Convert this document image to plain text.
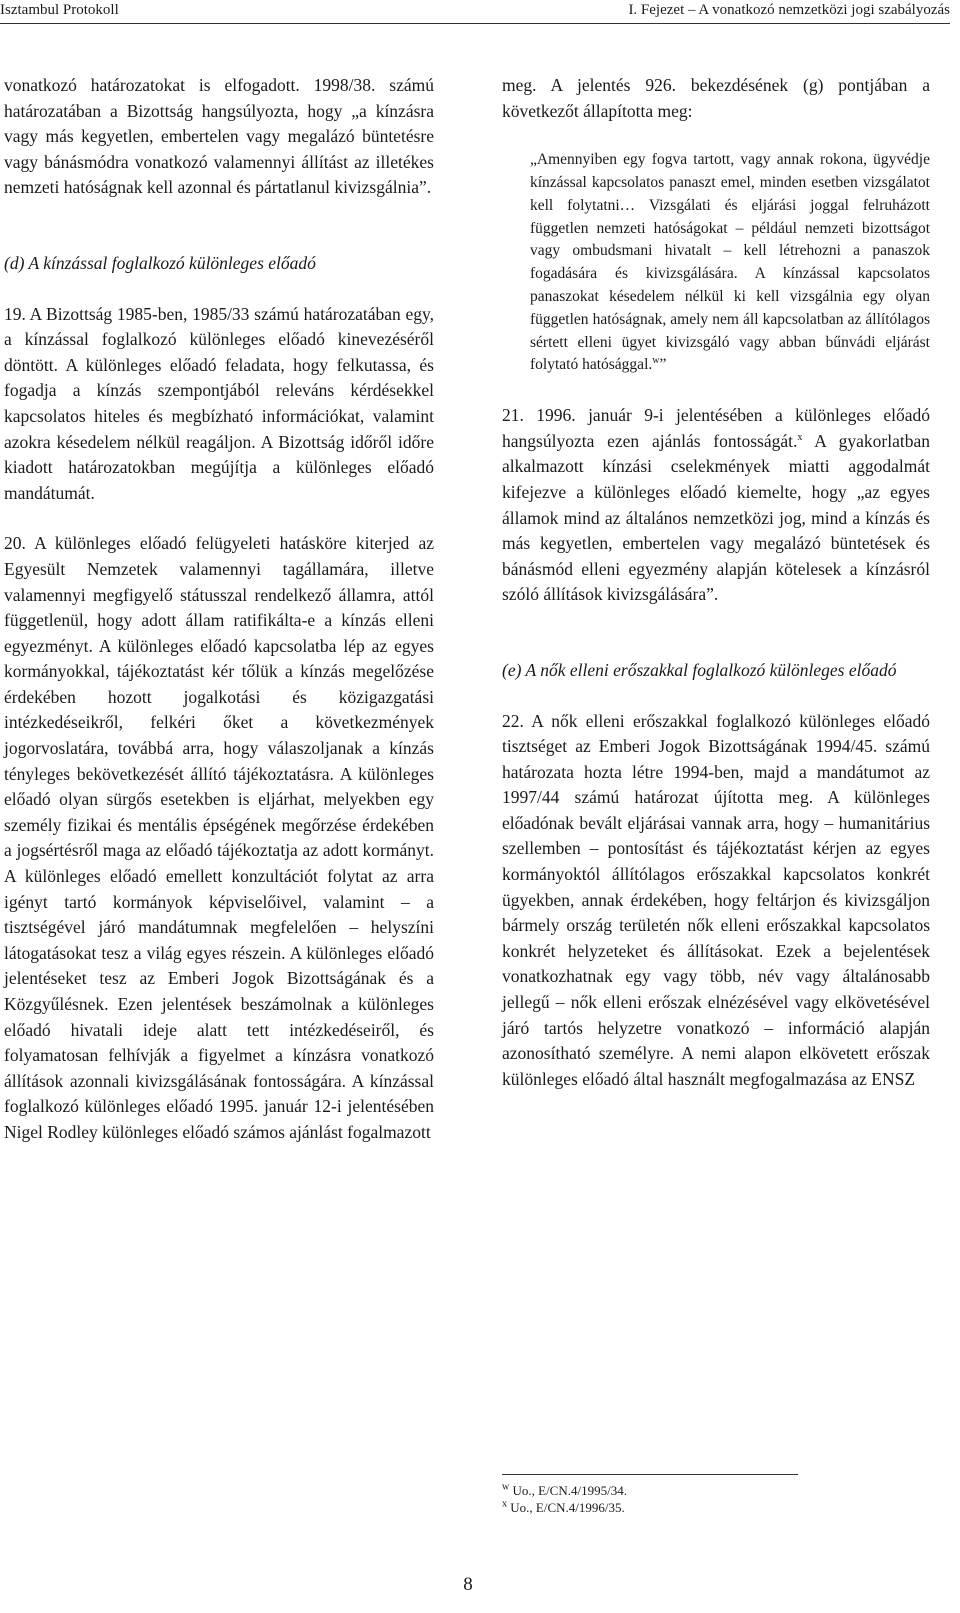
Isztambul Protokoll	I. Fejezet – A vonatkozó nemzetközi jogi szabályozás

vonatkozó határozatokat is elfogadott. 1998/38. számú határozatában a Bizottság hangsúlyozta, hogy „a kínzásra vagy más kegyetlen, embertelen vagy megalázó büntetésre vagy bánásmódra vonatkozó valamennyi állítást az illetékes nemzeti hatóságnak kell azonnal és pártatlanul kivizsgálnia”.

(d) A kínzással foglalkozó különleges előadó

19. A Bizottság 1985-ben, 1985/33 számú határozatában egy, a kínzással foglalkozó különleges előadó kinevezéséről döntött. A különleges előadó feladata, hogy felkutassa, és fogadja a kínzás szempontjából releváns kérdésekkel kapcsolatos hiteles és megbízható információkat, valamint azokra késedelem nélkül reagáljon. A Bizottság időről időre kiadott határozatokban megújítja a különleges előadó mandátumát.

20. A különleges előadó felügyeleti hatásköre kiterjed az Egyesült Nemzetek valamennyi tagállamára, illetve valamennyi megfigyelő státusszal rendelkező államra, attól függetlenül, hogy adott állam ratifikálta-e a kínzás elleni egyezményt. A különleges előadó kapcsolatba lép az egyes kormányokkal, tájékoztatást kér tőlük a kínzás megelőzése érdekében hozott jogalkotási és közigazgatási intézkedéseikről, felkéri őket a következmények jogorvoslatára, továbbá arra, hogy válaszoljanak a kínzás tényleges bekövetkezését állító tájékoztatásra. A különleges előadó olyan sürgős esetekben is eljárhat, melyekben egy személy fizikai és mentális épségének megőrzése érdekében a jogsértésről maga az előadó tájékoztatja az adott kormányt. A különleges előadó emellett konzultációt folytat az arra igényt tartó kormányok képviselőivel, valamint – a tisztségével járó mandátumnak megfelelően – helyszíni látogatásokat tesz a világ egyes részein. A különleges előadó jelentéseket tesz az Emberi Jogok Bizottságának és a Közgyűlésnek. Ezen jelentések beszámolnak a különleges előadó hivatali ideje alatt tett intézkedéseiről, és folyamatosan felhívják a figyelmet a kínzásra vonatkozó állítások azonnali kivizsgálásának fontosságára. A kínzással foglalkozó különleges előadó 1995. január 12-i jelentésében Nigel Rodley különleges előadó számos ajánlást fogalmazott

meg. A jelentés 926. bekezdésének (g) pontjában a következőt állapította meg:

„Amennyiben egy fogva tartott, vagy annak rokona, ügyvédje kínzással kapcsolatos panaszt emel, minden esetben vizsgálatot kell folytatni… Vizsgálati és eljárási joggal felruházott független nemzeti hatóságokat – például nemzeti bizottságot vagy ombudsmani hivatalt – kell létrehozni a panaszok fogadására és kivizsgálására. A kínzással kapcsolatos panaszokat késedelem nélkül ki kell vizsgálnia egy olyan független hatóságnak, amely nem áll kapcsolatban az állítólagos sértett elleni ügyet kivizsgáló vagy abban bűnvádi eljárást folytató hatósággal.$^w$”

21. 1996. január 9-i jelentésében a különleges előadó hangsúlyozta ezen ajánlás fontosságát.$^x$ A gyakorlatban alkalmazott kínzási cselekmények miatti aggodalmát kifejezve a különleges előadó kiemelte, hogy „az egyes államok mind az általános nemzetközi jog, mind a kínzás és más kegyetlen, embertelen vagy megalázó büntetések és bánásmód elleni egyezmény alapján kötelesek a kínzásról szóló állítások kivizsgálására”.

(e) A nők elleni erőszakkal foglalkozó különleges előadó

22. A nők elleni erőszakkal foglalkozó különleges előadó tisztséget az Emberi Jogok Bizottságának 1994/45. számú határozata hozta létre 1994-ben, majd a mandátumot az 1997/44 számú határozat újította meg. A különleges előadónak bevált eljárásai vannak arra, hogy – humanitárius szellemben – pontosítást és tájékoztatást kérjen az egyes kormányoktól állítólagos erőszakkal kapcsolatos konkrét ügyekben, annak érdekében, hogy feltárjon és kivizsgáljon bármely ország területén nők elleni erőszakkal kapcsolatos konkrét helyzeteket és állításokat. Ezek a bejelentések vonatkozhatnak egy vagy több, név vagy általánosabb jellegű – nők elleni erőszak elnézésével vagy elkövetésével járó tartós helyzetre vonatkozó – információ alapján azonosítható személyre. A nemi alapon elkövetett erőszak különleges előadó által használt megfogalmazása az ENSZ

$^w$ Uo., E/CN.4/1995/34.
$^x$ Uo., E/CN.4/1996/35.
8
